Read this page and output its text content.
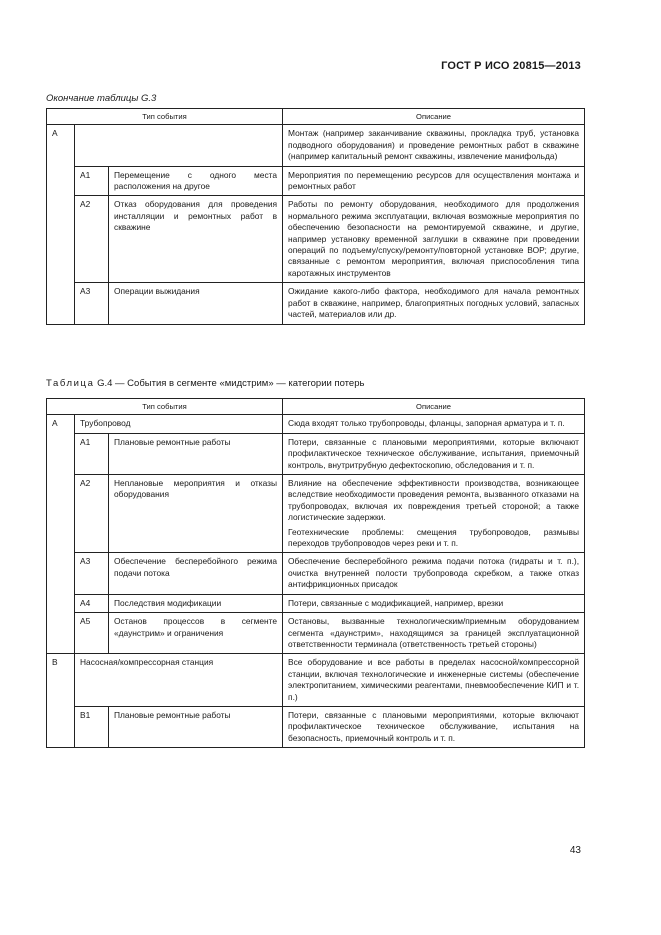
ГОСТ Р ИСО 20815—2013
Окончание таблицы G.3
Тип события			Описание
A			Монтаж (например заканчивание скважины, прокладка труб, установка подводного оборудования) и проведение ремонтных работ в скважине (например капитальный ремонт скважины, извлечение манифольда)

	A1	Перемещение с одного места расположения на другое	Мероприятия по перемещению ресурсов для осуществления монтажа и ремонтных работ

	A2	Отказ оборудования для проведения инсталляции и ремонтных работ в скважине	Работы по ремонту оборудования, необходимого для продолжения нормального режима эксплуатации, включая возможные мероприятия по обеспечению безопасности на ремонтируемой скважине, и другие, например установку временной заглушки в скважине при проведении операций по подъему/спуску/ремонту/повторной установке ВОР; другие, связанные с ремонтом мероприятия, включая приспособления типа каротажных инструментов

	A3	Операции выжидания	Ожидание какого-либо фактора, необходимого для начала ремонтных работ в скважине, например, благоприятных погодных условий, запасных частей, материалов или др.

Таблица G.4 — События в сегменте «мидстрим» — категории потерь
Тип события			Описание
A	Трубопровод		Сюда входят только трубопроводы, фланцы, запорная арматура и т. п.

	A1	Плановые ремонтные работы	Потери, связанные с плановыми мероприятиями, которые включают профилактическое техническое обслуживание, испытания, приемочный контроль, внутритрубную дефектоскопию, обследования и т. п.

	A2	Неплановые мероприятия и отказы оборудования	Влияние на обеспечение эффективности производства, возникающее вследствие необходимости проведения ремонта, вызванного отказами на трубопроводах, включая их повреждения третьей стороной; а также логистические задержки.

Геотехнические проблемы: смещения трубопроводов, размывы переходов трубопроводов через реки и т. п.

	A3	Обеспечение бесперебойного режима подачи потока	Обеспечение бесперебойного режима подачи потока (гидраты и т. п.), очистка внутренней полости трубопровода скребком, а также отказ антифрикционных присадок

	A4	Последствия модификации	Потери, связанные с модификацией, например, врезки

	A5	Останов процессов в сегменте «даунстрим» и ограничения	Остановы, вызванные технологическим/приемным оборудованием сегмента «даунстрим», находящимся за границей эксплуатационной ответственности терминала (ответственность третьей стороны)

B	Насосная/компрессорная станция		Все оборудование и все работы в пределах насосной/компрессорной станции, включая технологические и инженерные системы (обеспечение электропитанием, химическими реагентами, пневмообеспечение КИП и т. п.)

	B1	Плановые ремонтные работы	Потери, связанные с плановыми мероприятиями, которые включают профилактическое техническое обслуживание, испытания на безопасность, приемочный контроль и т. п.

43
